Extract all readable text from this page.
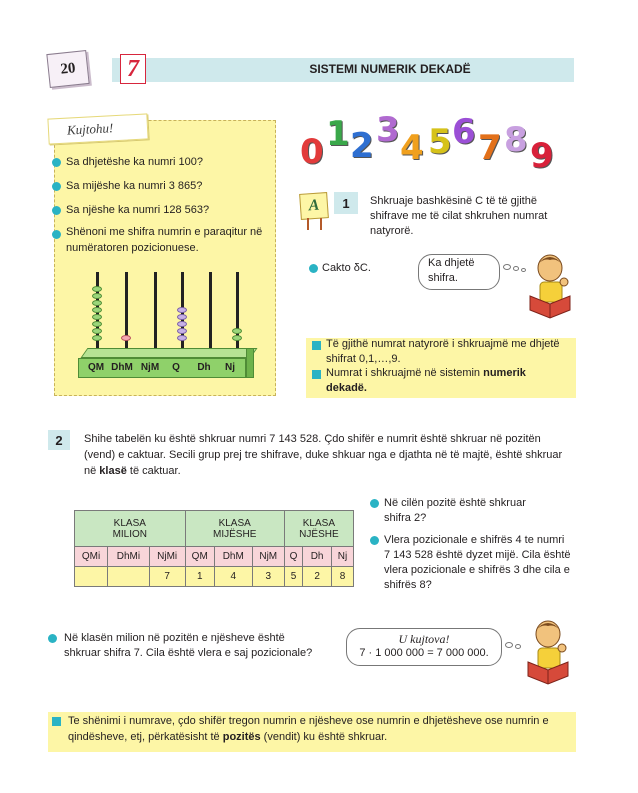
20 7	SISTEMI NUMERIK DEKADË
Kujtohu!
Sa dhjetëshe ka numri 100?
Sa mijëshe ka numri 3 865?
Sa njëshe ka numri 128 563?
Shënoni me shifra numrin e paraqitur në
numëratoren pozicionuese.
QM DhM NjM	Q	Dh	Nj
0 1 2 3 4 5 6 7 8 9
A	1	Shkruaje bashkësinë C të të gjithë shifrave me të cilat shkruhen numrat natyrorë.
Cakto δC.	Ka dhjetë shifra.
Të gjithë numrat natyrorë i shkruajmë me dhjetë
shifrat 0,1,…,9.
Numrat i shkruajmë në sistemin numerik
dekadë.
2	Shihe tabelën ku është shkruar numri 7 143 528. Çdo shifër e numrit është shkruar në pozitën
(vend) e caktuar. Secili grup prej tre shifrave, duke shkuar nga e djathta në të majtë, është shkruar
në klasë të caktuar.
KLASA
MILION			KLASA
MIJËSHE			KLASA
NJËSHE		
QMi	DhMi	NjMi	QM	DhM	NjM	Q	Dh	Nj
		7	1	4	3	5	2	8
Në cilën pozitë është shkruar
shifra 2?
Vlera pozicionale e shifrës 4 te numri
7 143 528 është dyzet mijë. Cila është
vlera pozicionale e shifrës 3 dhe cila e
shifrës 8?
Në klasën milion në pozitën e njësheve është
shkruar shifra 7. Cila është vlera e saj pozicionale?
U kujtova!
7 · 1 000 000 = 7 000 000.
Te shënimi i numrave, çdo shifër tregon numrin e njësheve ose numrin e dhjetësheve ose numrin e
qindësheve, etj, përkatësisht të pozitës (vendit) ku është shkruar.
